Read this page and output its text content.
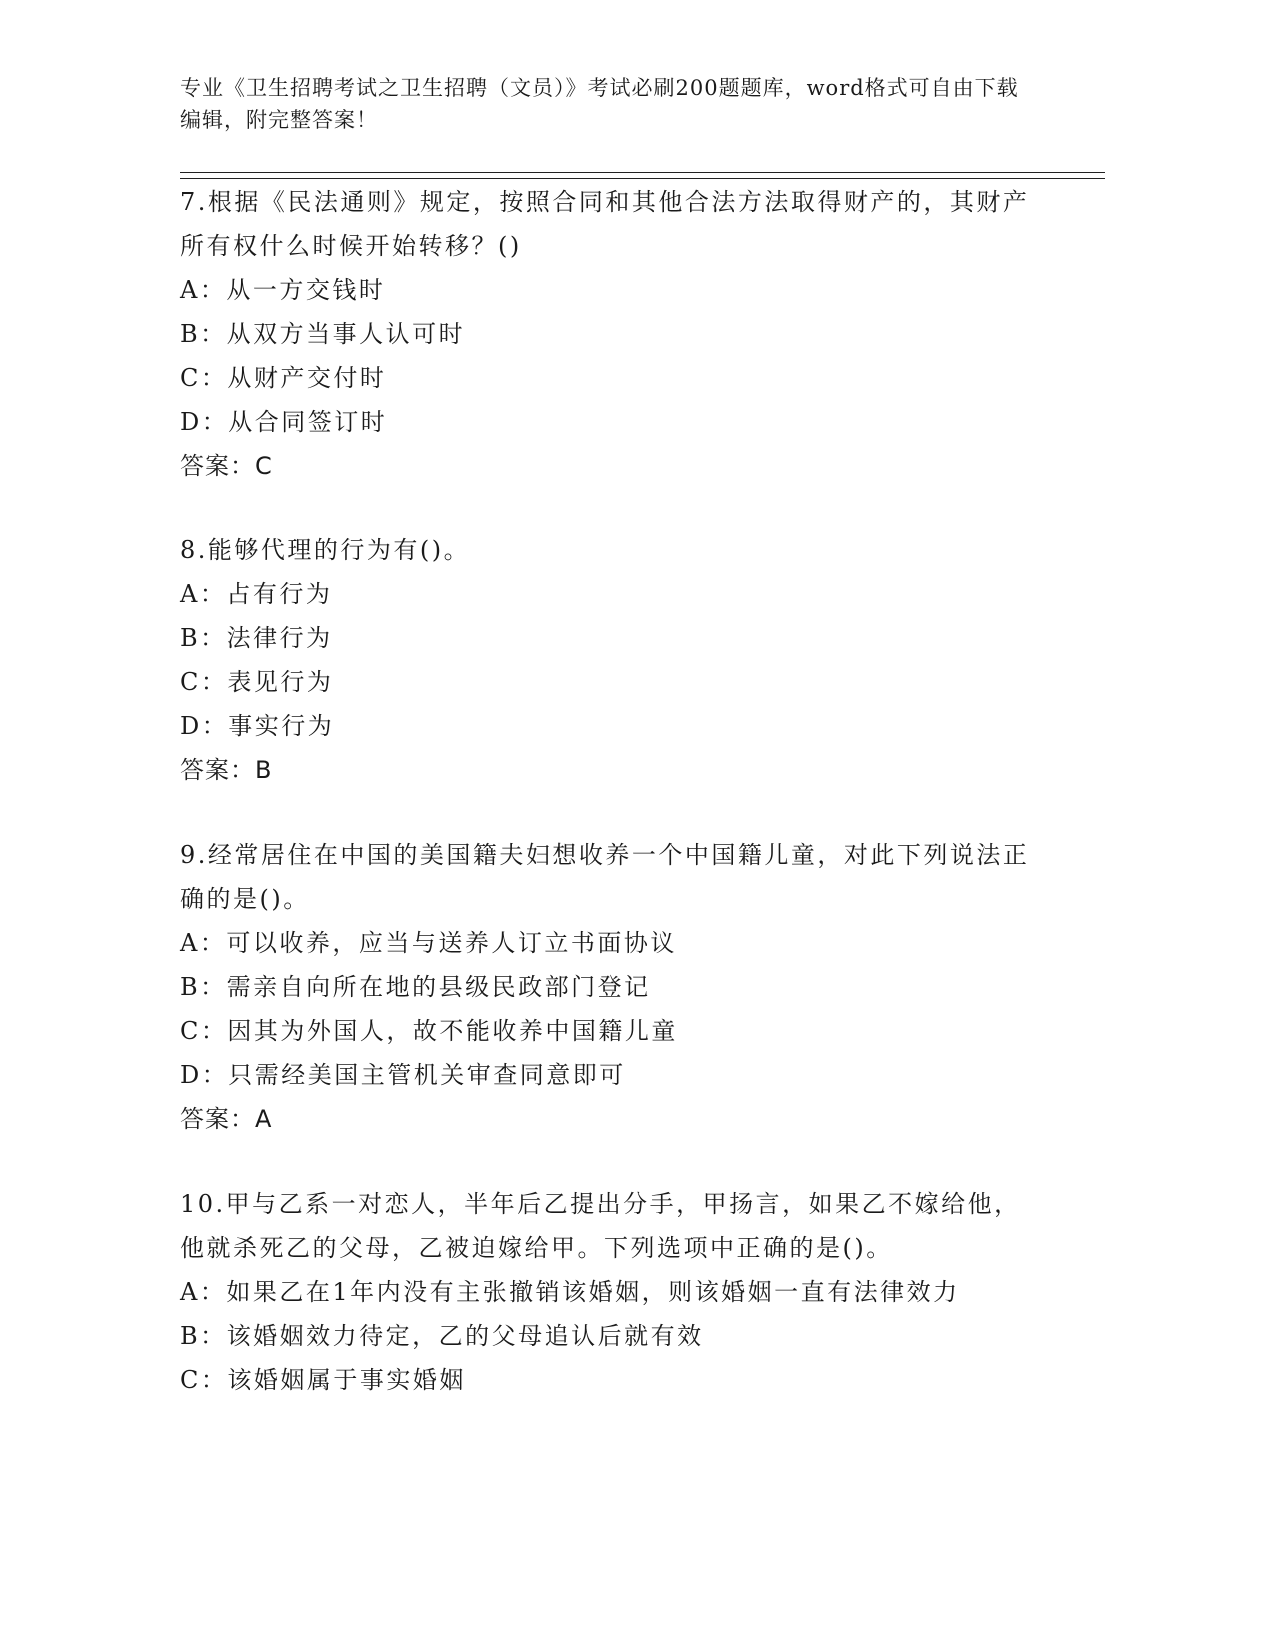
专业《卫生招聘考试之卫生招聘（文员）》考试必刷200题题库，word格式可自由下载编辑，附完整答案！
7.根据《民法通则》规定，按照合同和其他合法方法取得财产的，其财产所有权什么时候开始转移？()
A：从一方交钱时
B：从双方当事人认可时
C：从财产交付时
D：从合同签订时
答案：C
8.能够代理的行为有()。
A：占有行为
B：法律行为
C：表见行为
D：事实行为
答案：B
9.经常居住在中国的美国籍夫妇想收养一个中国籍儿童，对此下列说法正确的是()。
A：可以收养，应当与送养人订立书面协议
B：需亲自向所在地的县级民政部门登记
C：因其为外国人，故不能收养中国籍儿童
D：只需经美国主管机关审查同意即可
答案：A
10.甲与乙系一对恋人，半年后乙提出分手，甲扬言，如果乙不嫁给他，他就杀死乙的父母，乙被迫嫁给甲。下列选项中正确的是()。
A：如果乙在1年内没有主张撤销该婚姻，则该婚姻一直有法律效力
B：该婚姻效力待定，乙的父母追认后就有效
C：该婚姻属于事实婚姻
